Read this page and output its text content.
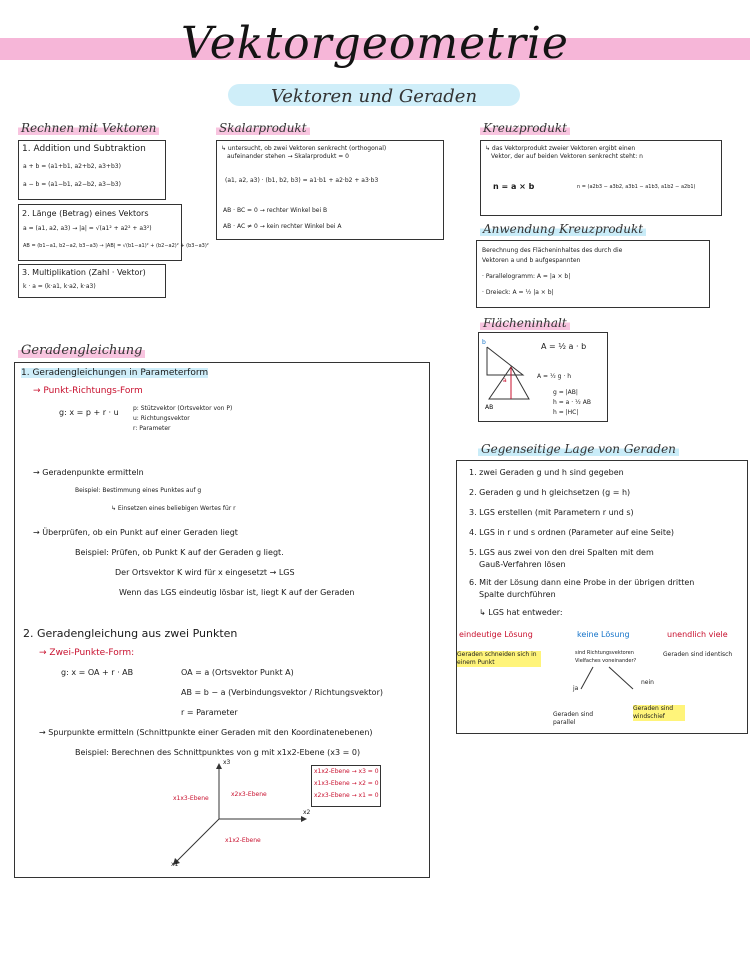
Vektorgeometrie
Vektoren und Geraden
Rechnen mit Vektoren
1. Addition und Subtraktion
a + b = (a1+b1, a2+b2, a3+b3)
a − b = (a1−b1, a2−b2, a3−b3)
2. Länge (Betrag) eines Vektors
a = (a1, a2, a3) → |a| = √(a1² + a2² + a3²)
AB = (b1−a1, b2−a2, b3−a3) → |AB| = √(b1−a1)² + (b2−a2)² + (b3−a3)²
3. Multiplikation (Zahl · Vektor)
k · a = (k·a1, k·a2, k·a3)
Skalarprodukt
↳ untersucht, ob zwei Vektoren senkrecht (orthogonal)
aufeinander stehen → Skalarprodukt = 0
(a1, a2, a3) · (b1, b2, b3) = a1·b1 + a2·b2 + a3·b3
AB · BC = 0 → rechter Winkel bei B
AB · AC ≠ 0 → kein rechter Winkel bei A
Kreuzprodukt
↳ das Vektorprodukt zweier Vektoren ergibt einen
Vektor, der auf beiden Vektoren senkrecht steht: n
n = a × b	n = (a2b3 − a3b2, a3b1 − a1b3, a1b2 − a2b1)
Anwendung Kreuzprodukt
Berechnung des Flächeninhaltes des durch die
Vektoren a und b aufgespannten
· Parallelogramm: A = |a × b|
· Dreieck: A = ½ |a × b|
Flächeninhalt
b
a
AB
A = ½ a · b
A = ½ g · h
g = |AB|
h = a · ½ AB
h = |HC|
Gegenseitige Lage von Geraden
1. zwei Geraden g und h sind gegeben
2. Geraden g und h gleichsetzen (g = h)
3. LGS erstellen (mit Parametern r und s)
4. LGS in r und s ordnen (Parameter auf eine Seite)
5. LGS aus zwei von den drei Spalten mit dem
Gauß-Verfahren lösen
6. Mit der Lösung dann eine Probe in der übrigen dritten
Spalte durchführen
↳ LGS hat entweder:
eindeutige Lösung
Geraden schneiden sich in einem Punkt
keine Lösung
sind Richtungsvektoren Vielfaches voneinander?
unendlich viele
Geraden sind identisch
ja
nein
Geraden sind parallel
Geraden sind windschief
Geradengleichung
1. Geradengleichungen in Parameterform
→ Punkt-Richtungs-Form
g: x = p + r · u p: Stützvektor (Ortsvektor von P)
u: Richtungsvektor
r: Parameter
→ Geradenpunkte ermitteln
Beispiel: Bestimmung eines Punktes auf g
↳ Einsetzen eines beliebigen Wertes für r
→ Überprüfen, ob ein Punkt auf einer Geraden liegt
Beispiel: Prüfen, ob Punkt K auf der Geraden g liegt.
Der Ortsvektor K wird für x eingesetzt → LGS
Wenn das LGS eindeutig lösbar ist, liegt K auf der Geraden
2. Geradengleichung aus zwei Punkten
→ Zwei-Punkte-Form:
g: x = OA + r · AB	OA = a (Ortsvektor Punkt A)
AB = b − a (Verbindungsvektor / Richtungsvektor)
r = Parameter
→ Spurpunkte ermitteln (Schnittpunkte einer Geraden mit den Koordinatenebenen)
Beispiel: Berechnen des Schnittpunktes von g mit x1x2-Ebene (x3 = 0)
x3
x2
x1
x1x3-Ebene
x2x3-Ebene
x1x2-Ebene
x1x2-Ebene → x3 = 0
x1x3-Ebene → x2 = 0
x2x3-Ebene → x1 = 0
